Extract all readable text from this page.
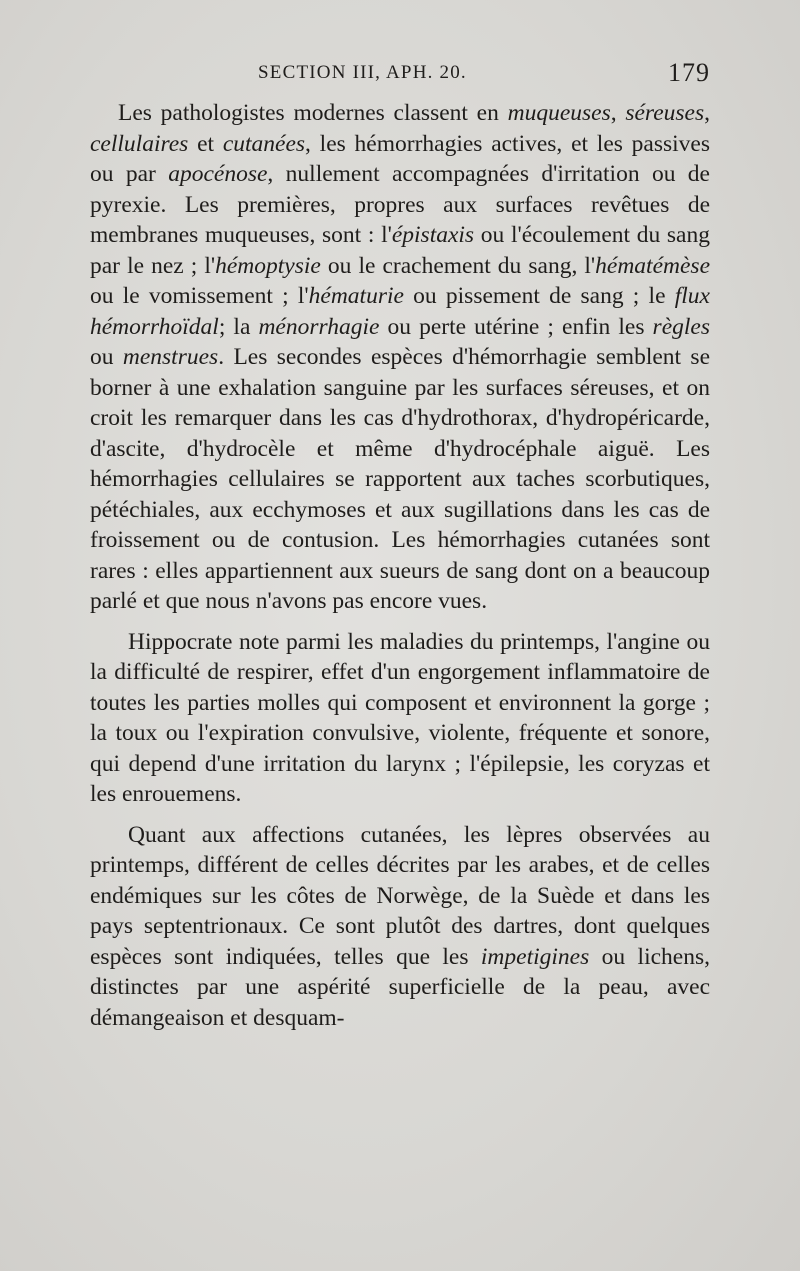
SECTION III, APH. 20.	179

Les pathologistes modernes classent en muqueuses, séreuses, cellulaires et cutanées, les hémorrhagies actives, et les passives ou par apocénose, nullement accompagnées d'irritation ou de pyrexie. Les premières, propres aux surfaces revêtues de membranes muqueuses, sont : l'épistaxis ou l'écoulement du sang par le nez ; l'hémoptysie ou le crachement du sang, l'hématémèse ou le vomissement ; l'hématurie ou pissement de sang ; le flux hémorrhoïdal; la ménorrhagie ou perte utérine ; enfin les règles ou menstrues. Les secondes espèces d'hémorrhagie semblent se borner à une exhalation sanguine par les surfaces séreuses, et on croit les remarquer dans les cas d'hydrothorax, d'hydropéricarde, d'ascite, d'hydrocèle et même d'hydrocéphale aiguë. Les hémorrhagies cellulaires se rapportent aux taches scorbutiques, pétéchiales, aux ecchymoses et aux sugillations dans les cas de froissement ou de contusion. Les hémorrhagies cutanées sont rares : elles appartiennent aux sueurs de sang dont on a beaucoup parlé et que nous n'avons pas encore vues.

Hippocrate note parmi les maladies du printemps, l'angine ou la difficulté de respirer, effet d'un engorgement inflammatoire de toutes les parties molles qui composent et environnent la gorge ; la toux ou l'expiration convulsive, violente, fréquente et sonore, qui depend d'une irritation du larynx ; l'épilepsie, les coryzas et les enrouemens.

Quant aux affections cutanées, les lèpres observées au printemps, différent de celles décrites par les arabes, et de celles endémiques sur les côtes de Norwège, de la Suède et dans les pays septentrionaux. Ce sont plutôt des dartres, dont quelques espèces sont indiquées, telles que les impetigines ou lichens, distinctes par une aspérité superficielle de la peau, avec démangeaison et desquam-
